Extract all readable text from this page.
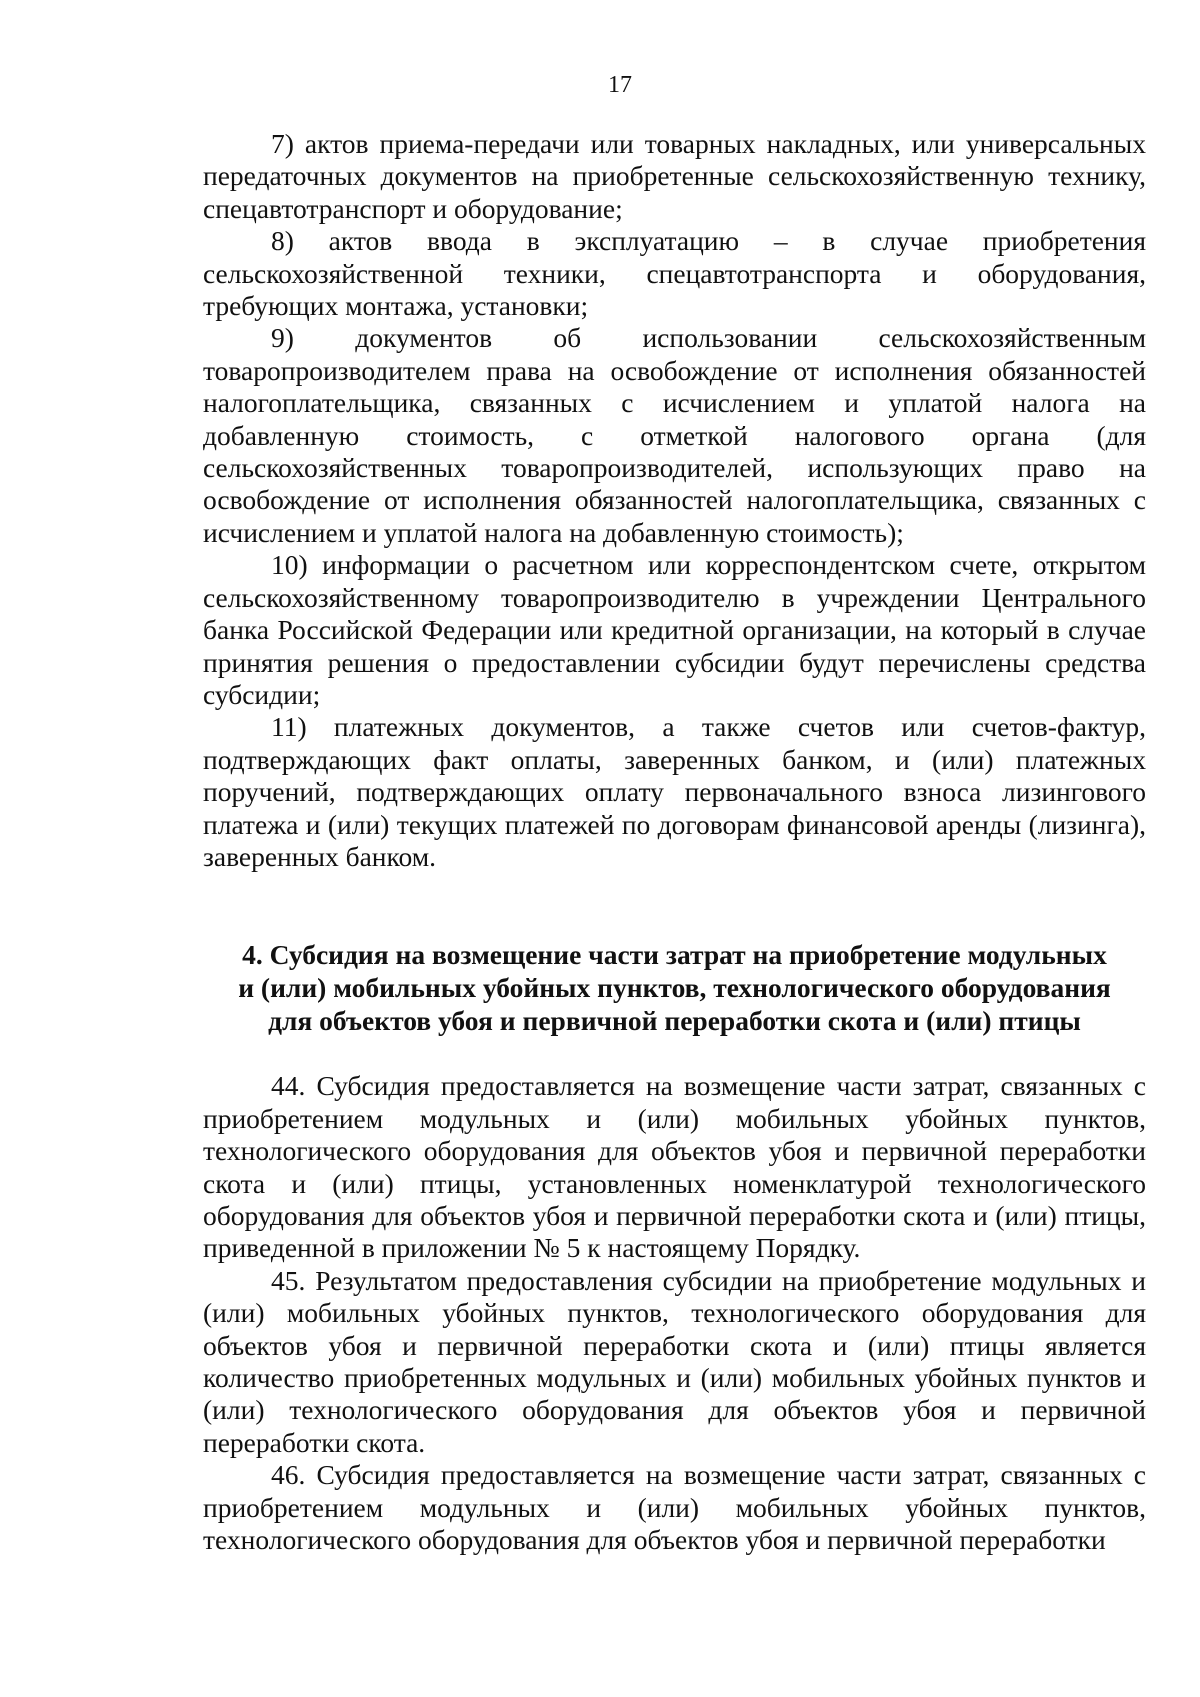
17

7) актов приема-передачи или товарных накладных, или универсальных передаточных документов на приобретенные сельскохозяйственную технику, спецавтотранспорт и оборудование;

8) актов ввода в эксплуатацию – в случае приобретения сельскохозяйственной техники, спецавтотранспорта и оборудования, требующих монтажа, установки;

9) документов об использовании сельскохозяйственным товаропроизводителем права на освобождение от исполнения обязанностей налогоплательщика, связанных с исчислением и уплатой налога на добавленную стоимость, с отметкой налогового органа (для сельскохозяйственных товаропроизводителей, использующих право на освобождение от исполнения обязанностей налогоплательщика, связанных с исчислением и уплатой налога на добавленную стоимость);

10) информации о расчетном или корреспондентском счете, открытом сельскохозяйственному товаропроизводителю в учреждении Центрального банка Российской Федерации или кредитной организации, на который в случае принятия решения о предоставлении субсидии будут перечислены средства субсидии;

11) платежных документов, а также счетов или счетов-фактур, подтверждающих факт оплаты, заверенных банком, и (или) платежных поручений, подтверждающих оплату первоначального взноса лизингового платежа и (или) текущих платежей по договорам финансовой аренды (лизинга), заверенных банком.

4. Субсидия на возмещение части затрат на приобретение модульных
и (или) мобильных убойных пунктов, технологического оборудования
для объектов убоя и первичной переработки скота и (или) птицы

44. Субсидия предоставляется на возмещение части затрат, связанных с приобретением модульных и (или) мобильных убойных пунктов, технологического оборудования для объектов убоя и первичной переработки скота и (или) птицы, установленных номенклатурой технологического оборудования для объектов убоя и первичной переработки скота и (или) птицы, приведенной в приложении № 5 к настоящему Порядку.

45. Результатом предоставления субсидии на приобретение модульных и (или) мобильных убойных пунктов, технологического оборудования для объектов убоя и первичной переработки скота и (или) птицы является количество приобретенных модульных и (или) мобильных убойных пунктов и (или) технологического оборудования для объектов убоя и первичной переработки скота.

46. Субсидия предоставляется на возмещение части затрат, связанных с приобретением модульных и (или) мобильных убойных пунктов, технологического оборудования для объектов убоя и первичной переработки
